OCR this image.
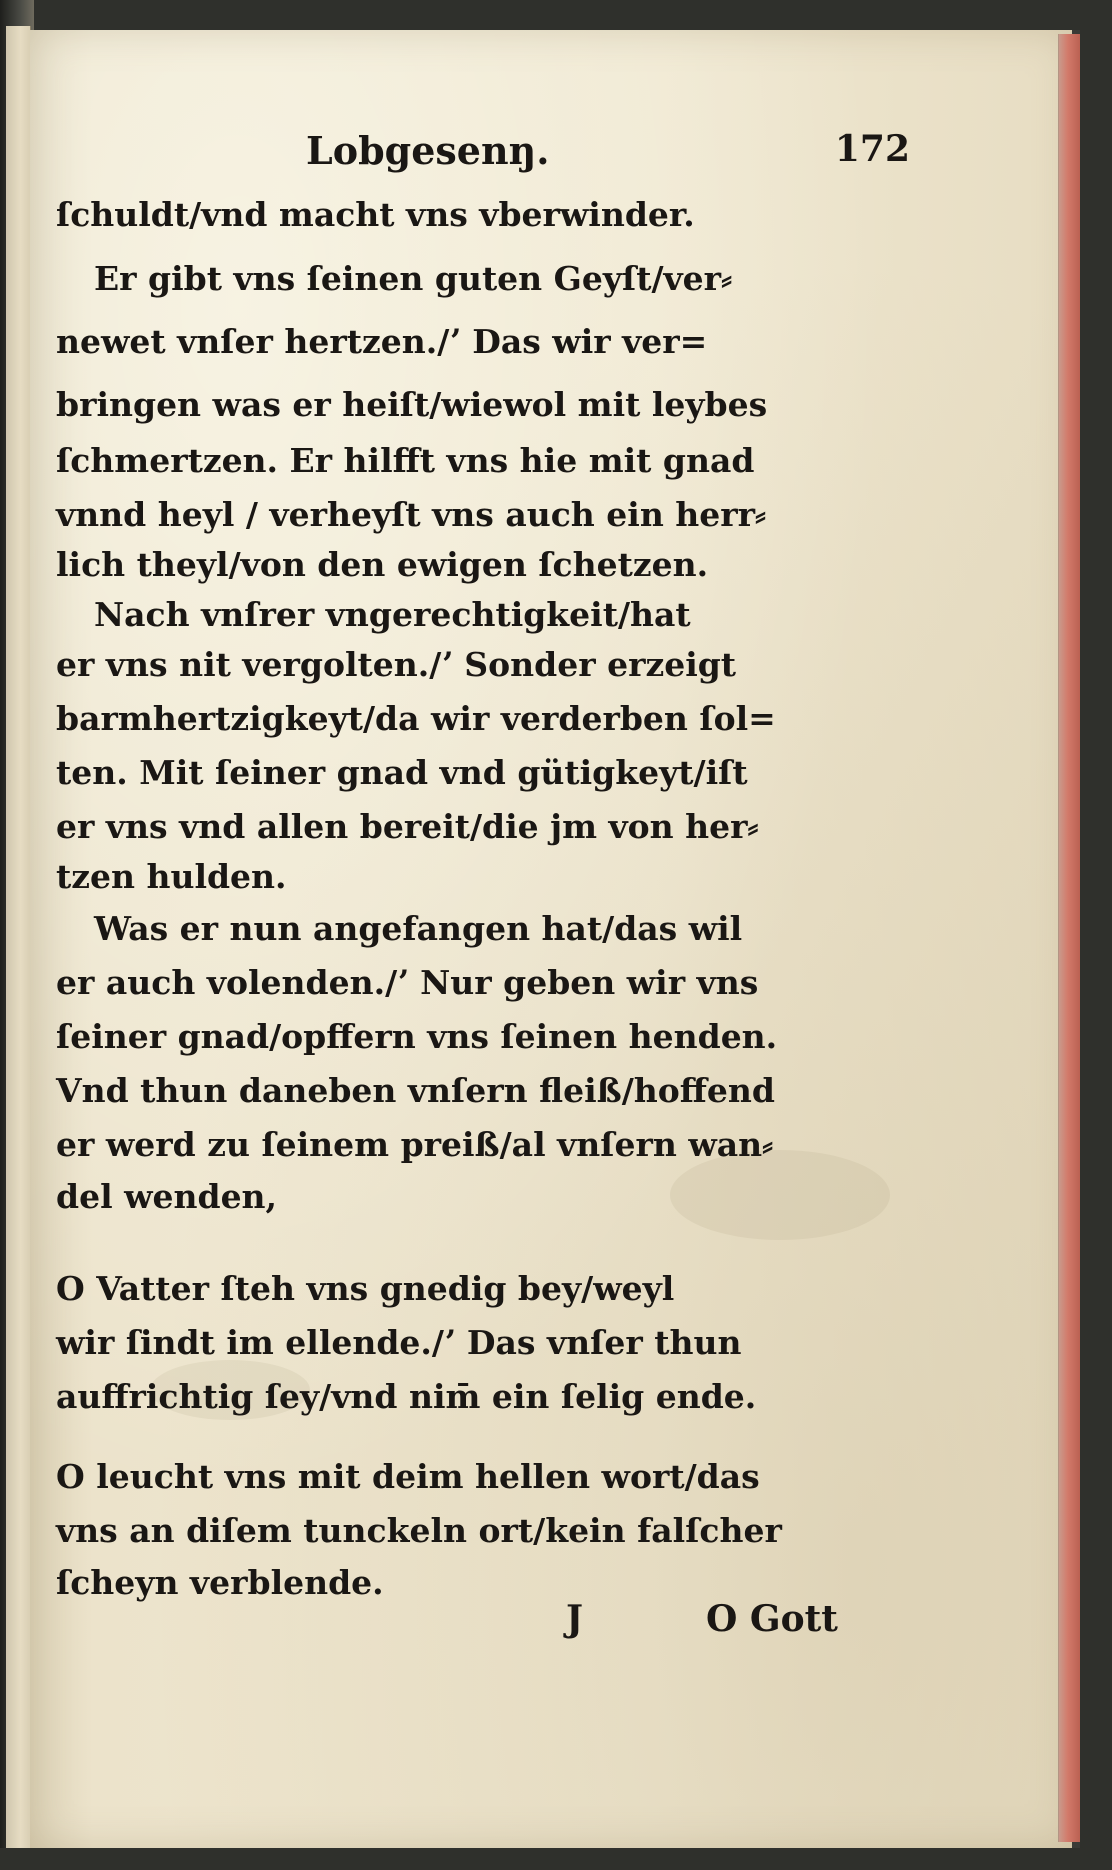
Lobgesenŋ.	172
ſchuldt/vnd macht vns vberwinder.
Er gibt vns ſeinen guten Geyſt/ver⸗
newet vnſer hertzen./ʼ Das wir ver=
bringen was er heiſt/wiewol mit leybes
ſchmertzen. Er hilfft vns hie mit gnad
vnnd heyl / verheyſt vns auch ein herr⸗
lich theyl/von den ewigen ſchetzen.
Nach vnſrer vngerechtigkeit/hat
er vns nit vergolten./ʼ Sonder erzeigt
barmhertzigkeyt/da wir verderben ſol=
ten. Mit ſeiner gnad vnd gütigkeyt/iſt
er vns vnd allen bereit/die jm von her⸗
tzen hulden.
Was er nun angefangen hat/das wil
er auch volenden./ʼ Nur geben wir vns
ſeiner gnad/opffern vns ſeinen henden.
Vnd thun daneben vnſern fleiß/hoffend
er werd zu ſeinem preiß/al vnſern wan⸗
del wenden,
O Vatter ſteh vns gnedig bey/weyl
wir ſindt im ellende./ʼ Das vnſer thun
auffrichtig ſey/vnd nim̄ ein ſelig ende.
O leucht vns mit deim hellen wort/das
vns an diſem tunckeln ort/kein falſcher
ſcheyn verblende.
J	O Gott
